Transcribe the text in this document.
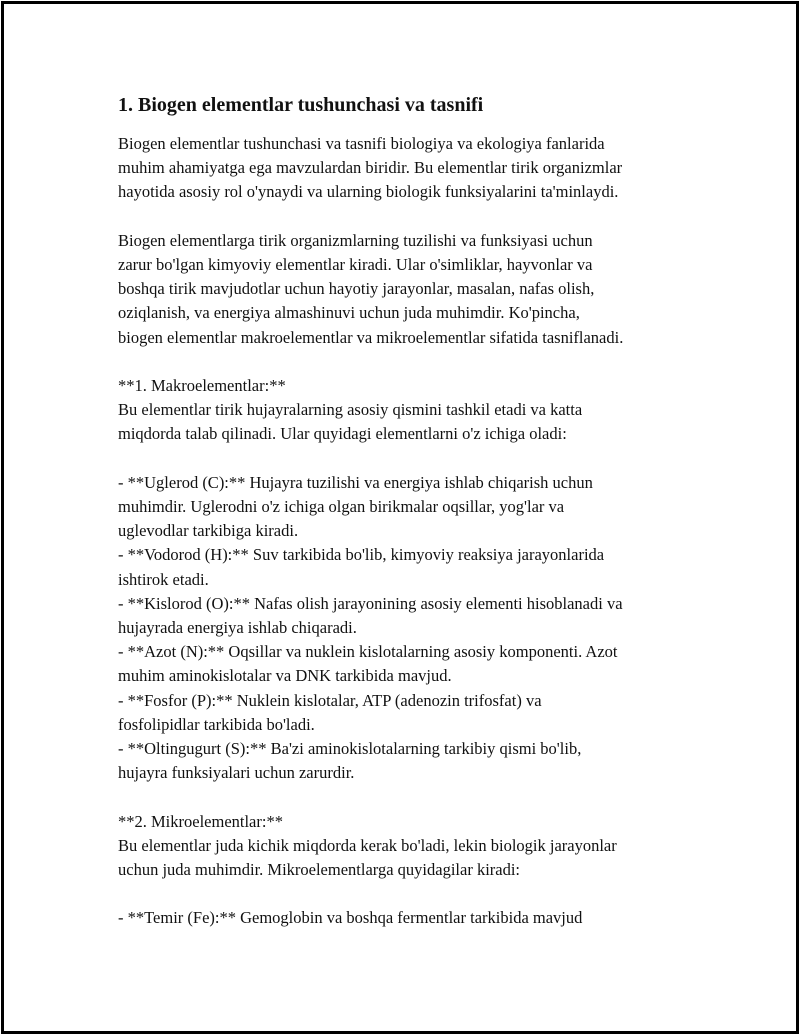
1. Biogen elementlar tushunchasi va tasnifi

Biogen elementlar tushunchasi va tasnifi biologiya va ekologiya fanlarida
muhim ahamiyatga ega mavzulardan biridir. Bu elementlar tirik organizmlar
hayotida asosiy rol o'ynaydi va ularning biologik funksiyalarini ta'minlaydi.

Biogen elementlarga tirik organizmlarning tuzilishi va funksiyasi uchun
zarur bo'lgan kimyoviy elementlar kiradi. Ular o'simliklar, hayvonlar va
boshqa tirik mavjudotlar uchun hayotiy jarayonlar, masalan, nafas olish,
oziqlanish, va energiya almashinuvi uchun juda muhimdir. Ko'pincha,
biogen elementlar makroelementlar va mikroelementlar sifatida tasniflanadi.

**1. Makroelementlar:**
Bu elementlar tirik hujayralarning asosiy qismini tashkil etadi va katta
miqdorda talab qilinadi. Ular quyidagi elementlarni o'z ichiga oladi:

- **Uglerod (C):** Hujayra tuzilishi va energiya ishlab chiqarish uchun
muhimdir. Uglerodni o'z ichiga olgan birikmalar oqsillar, yog'lar va
uglevodlar tarkibiga kiradi.
- **Vodorod (H):** Suv tarkibida bo'lib, kimyoviy reaksiya jarayonlarida
ishtirok etadi.
- **Kislorod (O):** Nafas olish jarayonining asosiy elementi hisoblanadi va
hujayrada energiya ishlab chiqaradi.
- **Azot (N):** Oqsillar va nuklein kislotalarning asosiy komponenti. Azot
muhim aminokislotalar va DNK tarkibida mavjud.
- **Fosfor (P):** Nuklein kislotalar, ATP (adenozin trifosfat) va
fosfolipidlar tarkibida bo'ladi.
- **Oltingugurt (S):** Ba'zi aminokislotalarning tarkibiy qismi bo'lib,
hujayra funksiyalari uchun zarurdir.

**2. Mikroelementlar:**
Bu elementlar juda kichik miqdorda kerak bo'ladi, lekin biologik jarayonlar
uchun juda muhimdir. Mikroelementlarga quyidagilar kiradi:

- **Temir (Fe):** Gemoglobin va boshqa fermentlar tarkibida mavjud
